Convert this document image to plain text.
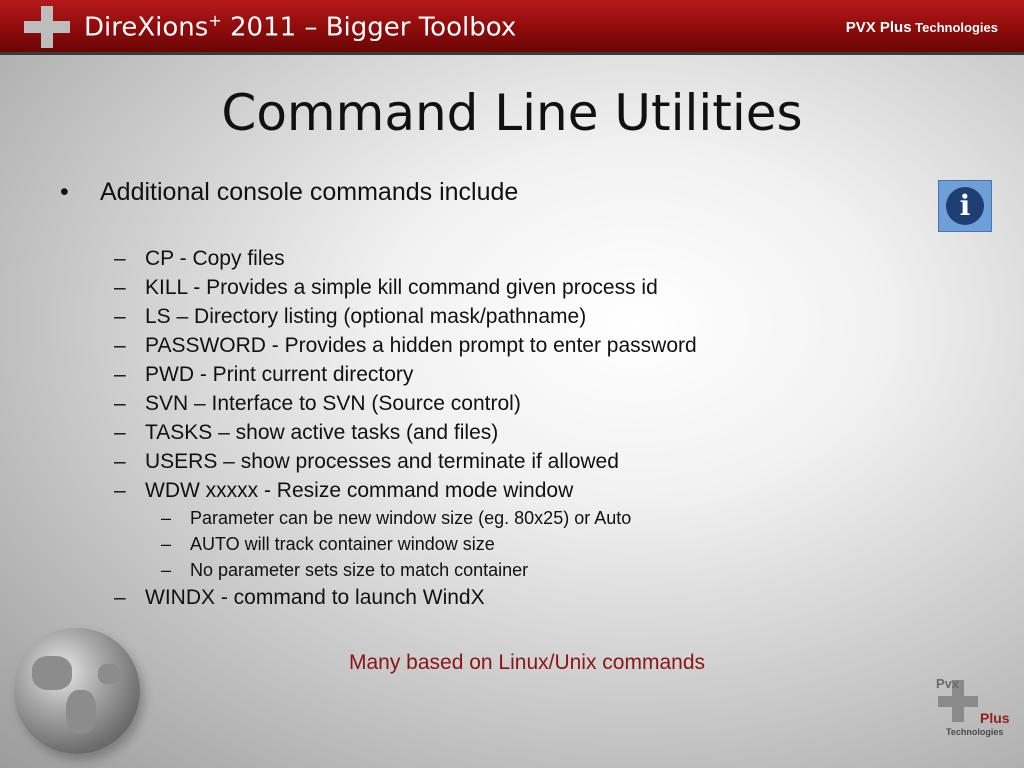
DireXions+ 2011 – Bigger Toolbox	PVX Plus Technologies
Command Line Utilities
• Additional console commands include	i
– CP - Copy files
– KILL - Provides a simple kill command given process id
– LS – Directory listing (optional mask/pathname)
– PASSWORD - Provides a hidden prompt to enter password
– PWD - Print current directory
– SVN – Interface to SVN (Source control)
– TASKS – show active tasks (and files)
– USERS – show processes and terminate if allowed
– WDW xxxxx - Resize command mode window
– Parameter can be new window size (eg. 80x25) or Auto
– AUTO will track container window size
– No parameter sets size to match container
– WINDX - command to launch WindX
Many based on Linux/Unix commands
Pvx
Plus
Technologies
